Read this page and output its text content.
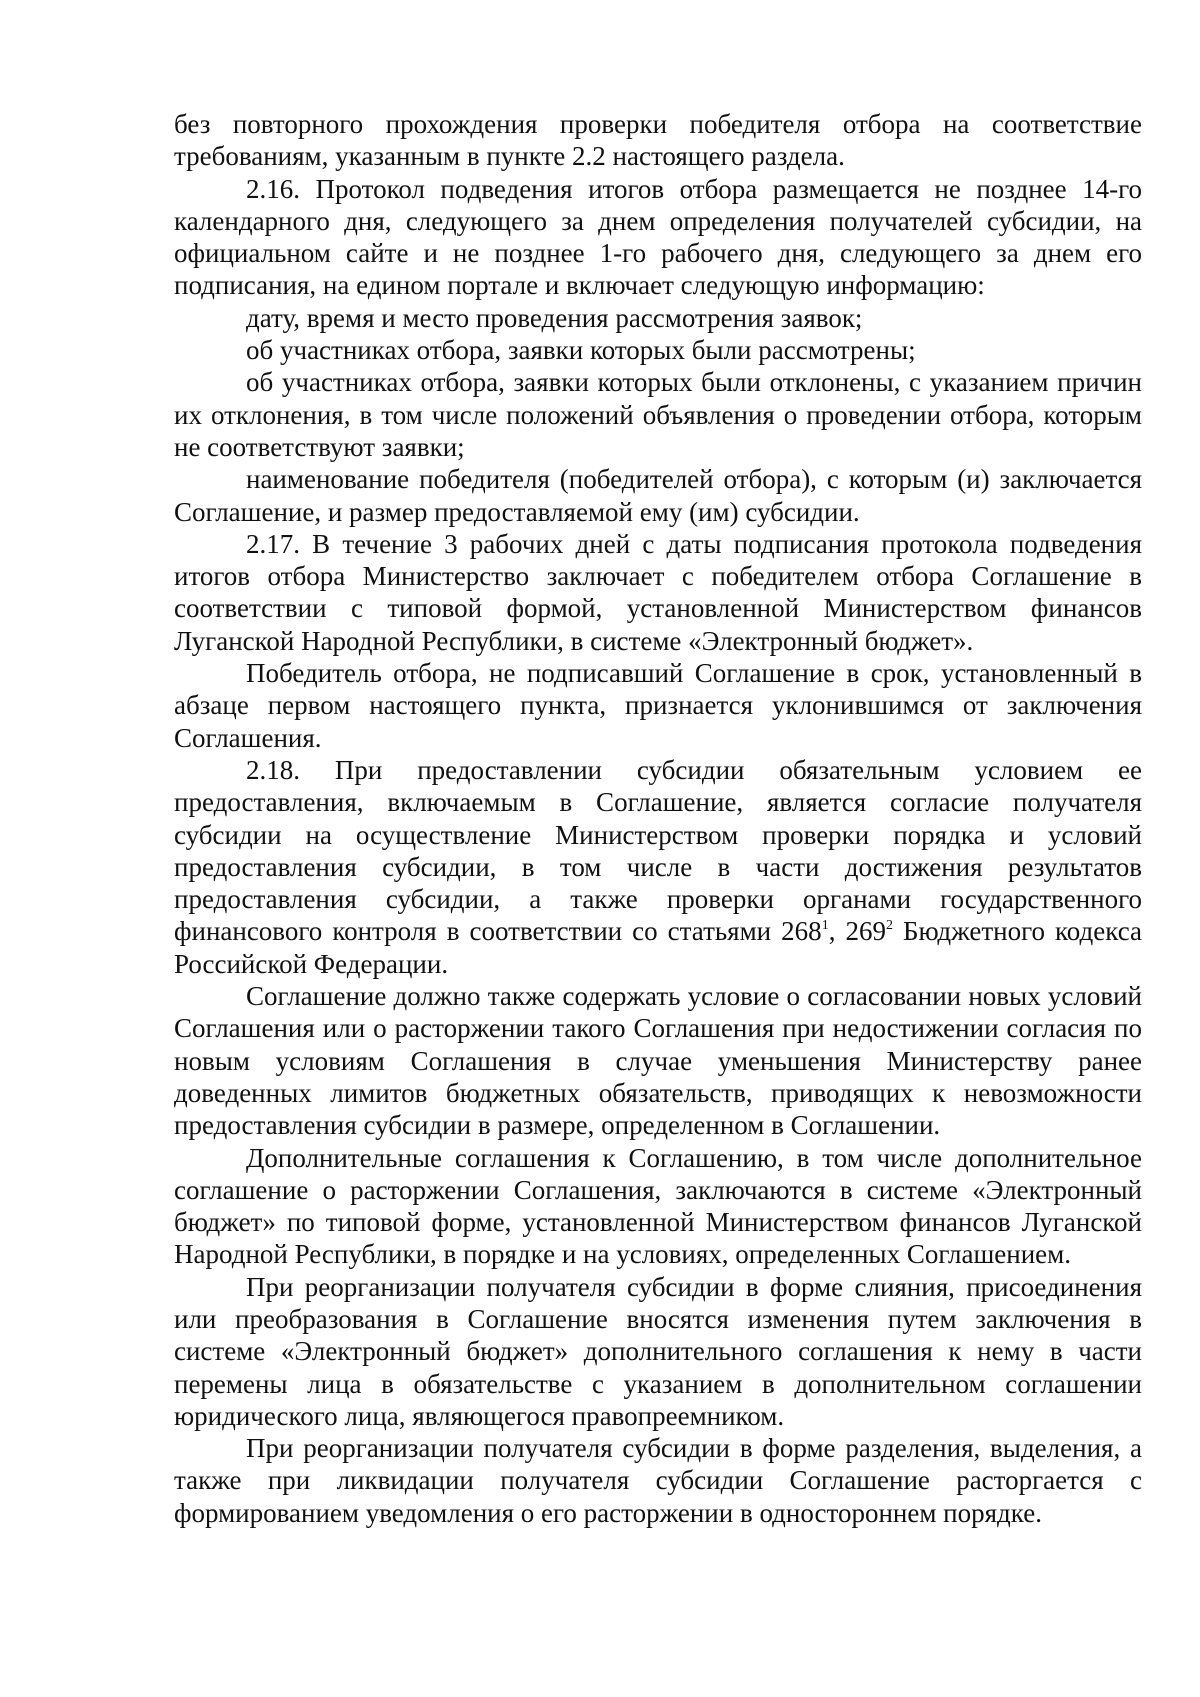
без повторного прохождения проверки победителя отбора на соответствие требованиям, указанным в пункте 2.2 настоящего раздела.

2.16. Протокол подведения итогов отбора размещается не позднее 14-го календарного дня, следующего за днем определения получателей субсидии, на официальном сайте и не позднее 1-го рабочего дня, следующего за днем его подписания, на едином портале и включает следующую информацию:

дату, время и место проведения рассмотрения заявок;

об участниках отбора, заявки которых были рассмотрены;

об участниках отбора, заявки которых были отклонены, с указанием причин их отклонения, в том числе положений объявления о проведении отбора, которым не соответствуют заявки;

наименование победителя (победителей отбора), с которым (и) заключается Соглашение, и размер предоставляемой ему (им) субсидии.

2.17. В течение 3 рабочих дней с даты подписания протокола подведения итогов отбора Министерство заключает с победителем отбора Соглашение в соответствии с типовой формой, установленной Министерством финансов Луганской Народной Республики, в системе «Электронный бюджет».

Победитель отбора, не подписавший Соглашение в срок, установленный в абзаце первом настоящего пункта, признается уклонившимся от заключения Соглашения.

2.18. При предоставлении субсидии обязательным условием ее предоставления, включаемым в Соглашение, является согласие получателя субсидии на осуществление Министерством проверки порядка и условий предоставления субсидии, в том числе в части достижения результатов предоставления субсидии, а также проверки органами государственного финансового контроля в соответствии со статьями $268^1$, $269^2$ Бюджетного кодекса Российской Федерации.

Соглашение должно также содержать условие о согласовании новых условий Соглашения или о расторжении такого Соглашения при недостижении согласия по новым условиям Соглашения в случае уменьшения Министерству ранее доведенных лимитов бюджетных обязательств, приводящих к невозможности предоставления субсидии в размере, определенном в Соглашении.

Дополнительные соглашения к Соглашению, в том числе дополнительное соглашение о расторжении Соглашения, заключаются в системе «Электронный бюджет» по типовой форме, установленной Министерством финансов Луганской Народной Республики, в порядке и на условиях, определенных Соглашением.

При реорганизации получателя субсидии в форме слияния, присоединения или преобразования в Соглашение вносятся изменения путем заключения в системе «Электронный бюджет» дополнительного соглашения к нему в части перемены лица в обязательстве с указанием в дополнительном соглашении юридического лица, являющегося правопреемником.

При реорганизации получателя субсидии в форме разделения, выделения, а также при ликвидации получателя субсидии Соглашение расторгается с формированием уведомления о его расторжении в одностороннем порядке.
